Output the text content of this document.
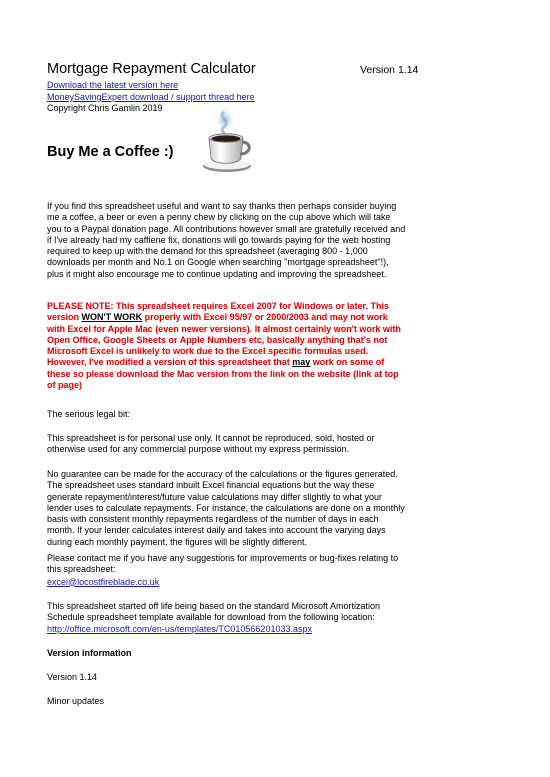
Mortgage Repayment Calculator	Version 1.14
Download the latest version here
MoneySavingExpert download / support thread here
Copyright Chris Gamlin 2019
Buy Me a Coffee :)
If you find this spreadsheet useful and want to say thanks then perhaps consider buying
me a coffee, a beer or even a penny chew by clicking on the cup above which will take
you to a Paypal donation page. All contributions however small are gratefully received and
if I've already had my caffiene fix, donations will go towards paying for the web hosting
required to keep up with the demand for this spreadsheet (averaging 800 - 1,000
downloads per month and No.1 on Google when searching "mortgage spreadsheet"!),
plus it might also encourage me to continue updating and improving the spreadsheet.
PLEASE NOTE: This spreadsheet requires Excel 2007 for Windows or later. This
version WON'T WORK properly with Excel 95/97 or 2000/2003 and may not work
with Excel for Apple Mac (even newer versions). It almost certainly won't work with
Open Office, Google Sheets or Apple Numbers etc, basically anything that's not
Microsoft Excel is unlikely to work due to the Excel specific formulas used.
However, I've modified a version of this spreadsheet that may work on some of
these so please download the Mac version from the link on the website (link at top
of page)
The serious legal bit:
This spreadsheet is for personal use only. It cannot be reproduced, sold, hosted or
otherwise used for any commercial purpose without my express permission.
No guarantee can be made for the accuracy of the calculations or the figures generated.
The spreadsheet uses standard inbuilt Excel financial equations but the way these
generate repayment/interest/future value calculations may differ slightly to what your
lender uses to calculate repayments. For instance, the calculations are done on a monthly
basis with consistent monthly repayments regardless of the number of days in each
month. If your lender calculates interest daily and takes into account the varying days
during each monthly payment, the figures will be slightly different.
Please contact me if you have any suggestions for improvements or bug-fixes relating to
this spreadsheet:
excel@locostfireblade.co.uk
This spreadsheet started off life being based on the standard Microsoft Amortization
Schedule spreadsheet template available for download from the following location:
http://office.microsoft.com/en-us/templates/TC010566201033.aspx
Version information
Version 1.14
Minor updates
